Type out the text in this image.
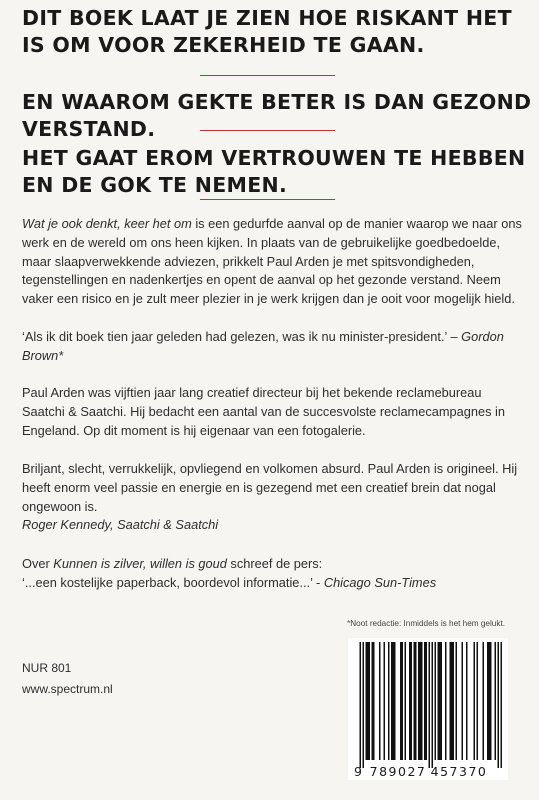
DIT BOEK LAAT JE ZIEN HOE RISKANT HET IS OM VOOR ZEKERHEID TE GAAN.
EN WAAROM GEKTE BETER IS DAN GEZOND VERSTAND.
HET GAAT EROM VERTROUWEN TE HEBBEN EN DE GOK TE NEMEN.

Wat je ook denkt, keer het om is een gedurfde aanval op de manier waarop we naar ons werk en de wereld om ons heen kijken. In plaats van de gebruikelijke goedbedoelde, maar slaapverwekkende adviezen, prikkelt Paul Arden je met spitsvondigheden, tegenstellingen en nadenkertjes en opent de aanval op het gezonde verstand. Neem vaker een risico en je zult meer plezier in je werk krijgen dan je ooit voor mogelijk hield.

‘Als ik dit boek tien jaar geleden had gelezen, was ik nu minister-president.’ – Gordon Brown*

Paul Arden was vijftien jaar lang creatief directeur bij het bekende reclamebureau Saatchi & Saatchi. Hij bedacht een aantal van de succesvolste reclamecampagnes in Engeland. Op dit moment is hij eigenaar van een fotogalerie.

Briljant, slecht, verrukkelijk, opvliegend en volkomen absurd. Paul Arden is origineel. Hij heeft enorm veel passie en energie en is gezegend met een creatief brein dat nogal ongewoon is.
Roger Kennedy, Saatchi & Saatchi

Over Kunnen is zilver, willen is goud schreef de pers:
‘...een kostelijke paperback, boordevol informatie...’ - Chicago Sun-Times

*Noot redactie: Inmiddels is het hem gelukt.

NUR 801

www.spectrum.nl

9 789027 457370
